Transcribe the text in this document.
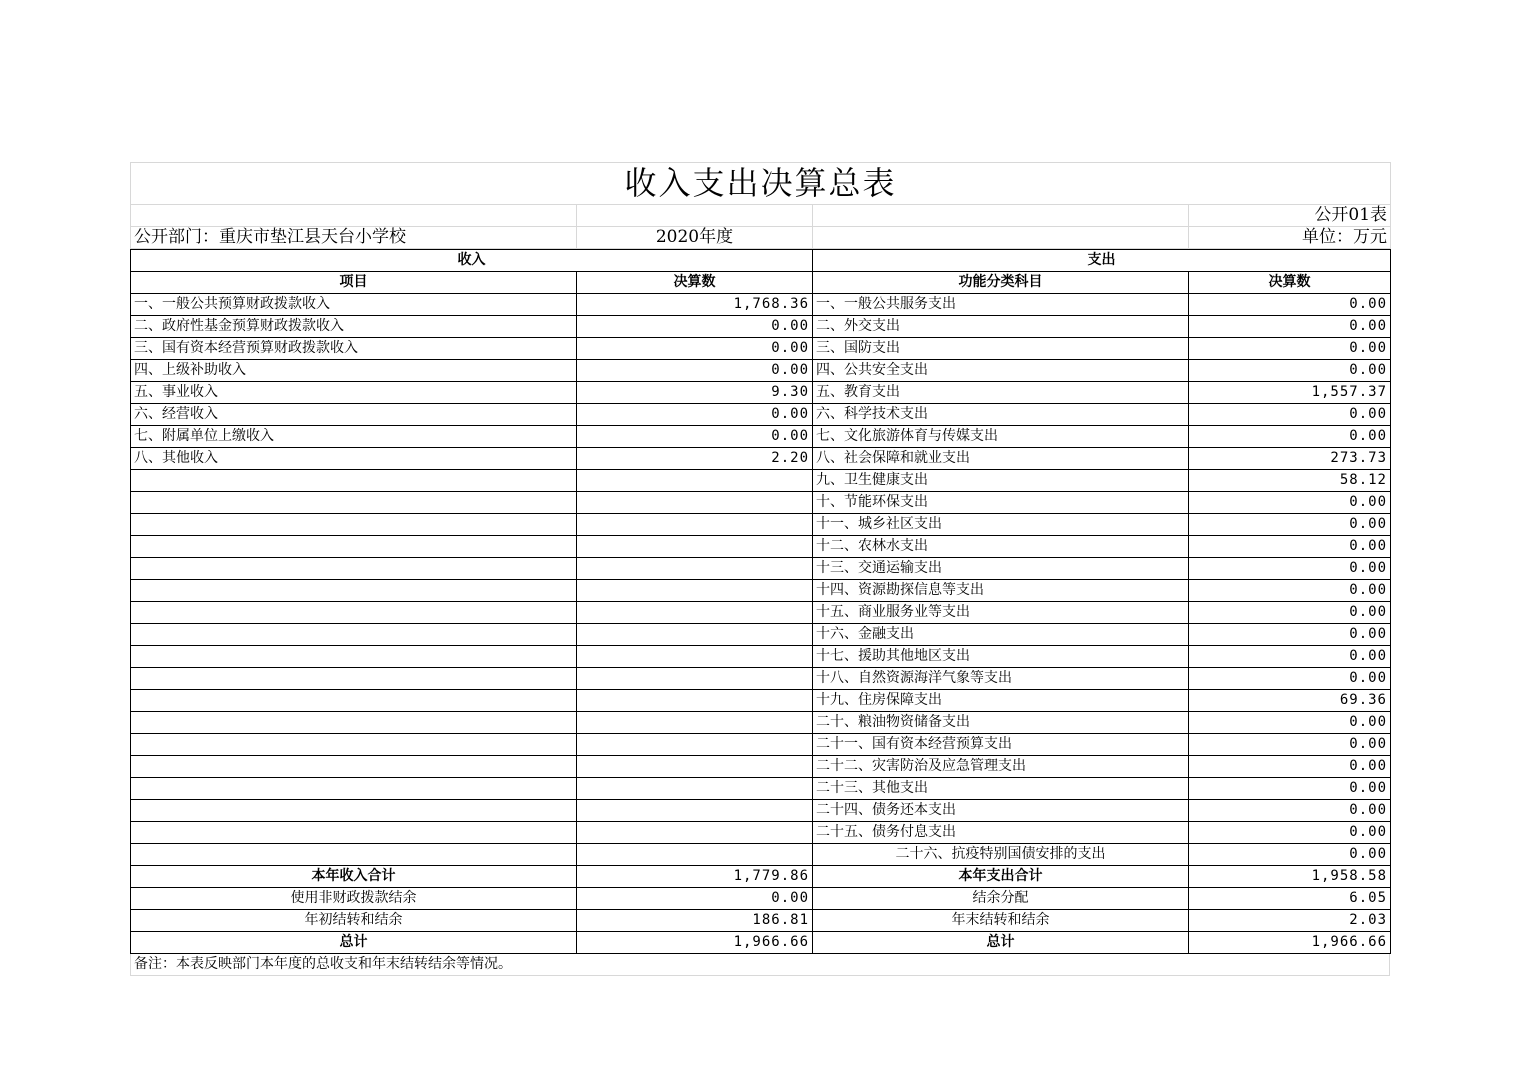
收入支出决算总表			
			公开01表
公开部门：重庆市垫江县天台小学校	2020年度		单位：万元
收入		支出	
项目	决算数	功能分类科目	决算数
一、一般公共预算财政拨款收入	1,768.36	一、一般公共服务支出	0.00
二、政府性基金预算财政拨款收入	0.00	二、外交支出	0.00
三、国有资本经营预算财政拨款收入	0.00	三、国防支出	0.00
四、上级补助收入	0.00	四、公共安全支出	0.00
五、事业收入	9.30	五、教育支出	1,557.37
六、经营收入	0.00	六、科学技术支出	0.00
七、附属单位上缴收入	0.00	七、文化旅游体育与传媒支出	0.00
八、其他收入	2.20	八、社会保障和就业支出	273.73
		九、卫生健康支出	58.12
		十、节能环保支出	0.00
		十一、城乡社区支出	0.00
		十二、农林水支出	0.00
		十三、交通运输支出	0.00
		十四、资源勘探信息等支出	0.00
		十五、商业服务业等支出	0.00
		十六、金融支出	0.00
		十七、援助其他地区支出	0.00
		十八、自然资源海洋气象等支出	0.00
		十九、住房保障支出	69.36
		二十、粮油物资储备支出	0.00
		二十一、国有资本经营预算支出	0.00
		二十二、灾害防治及应急管理支出	0.00
		二十三、其他支出	0.00
		二十四、债务还本支出	0.00
		二十五、债务付息支出	0.00
		二十六、抗疫特别国债安排的支出	0.00
本年收入合计	1,779.86	本年支出合计	1,958.58
使用非财政拨款结余	0.00	结余分配	6.05
年初结转和结余	186.81	年末结转和结余	2.03
总计	1,966.66	总计	1,966.66
备注：本表反映部门本年度的总收支和年末结转结余等情况。
